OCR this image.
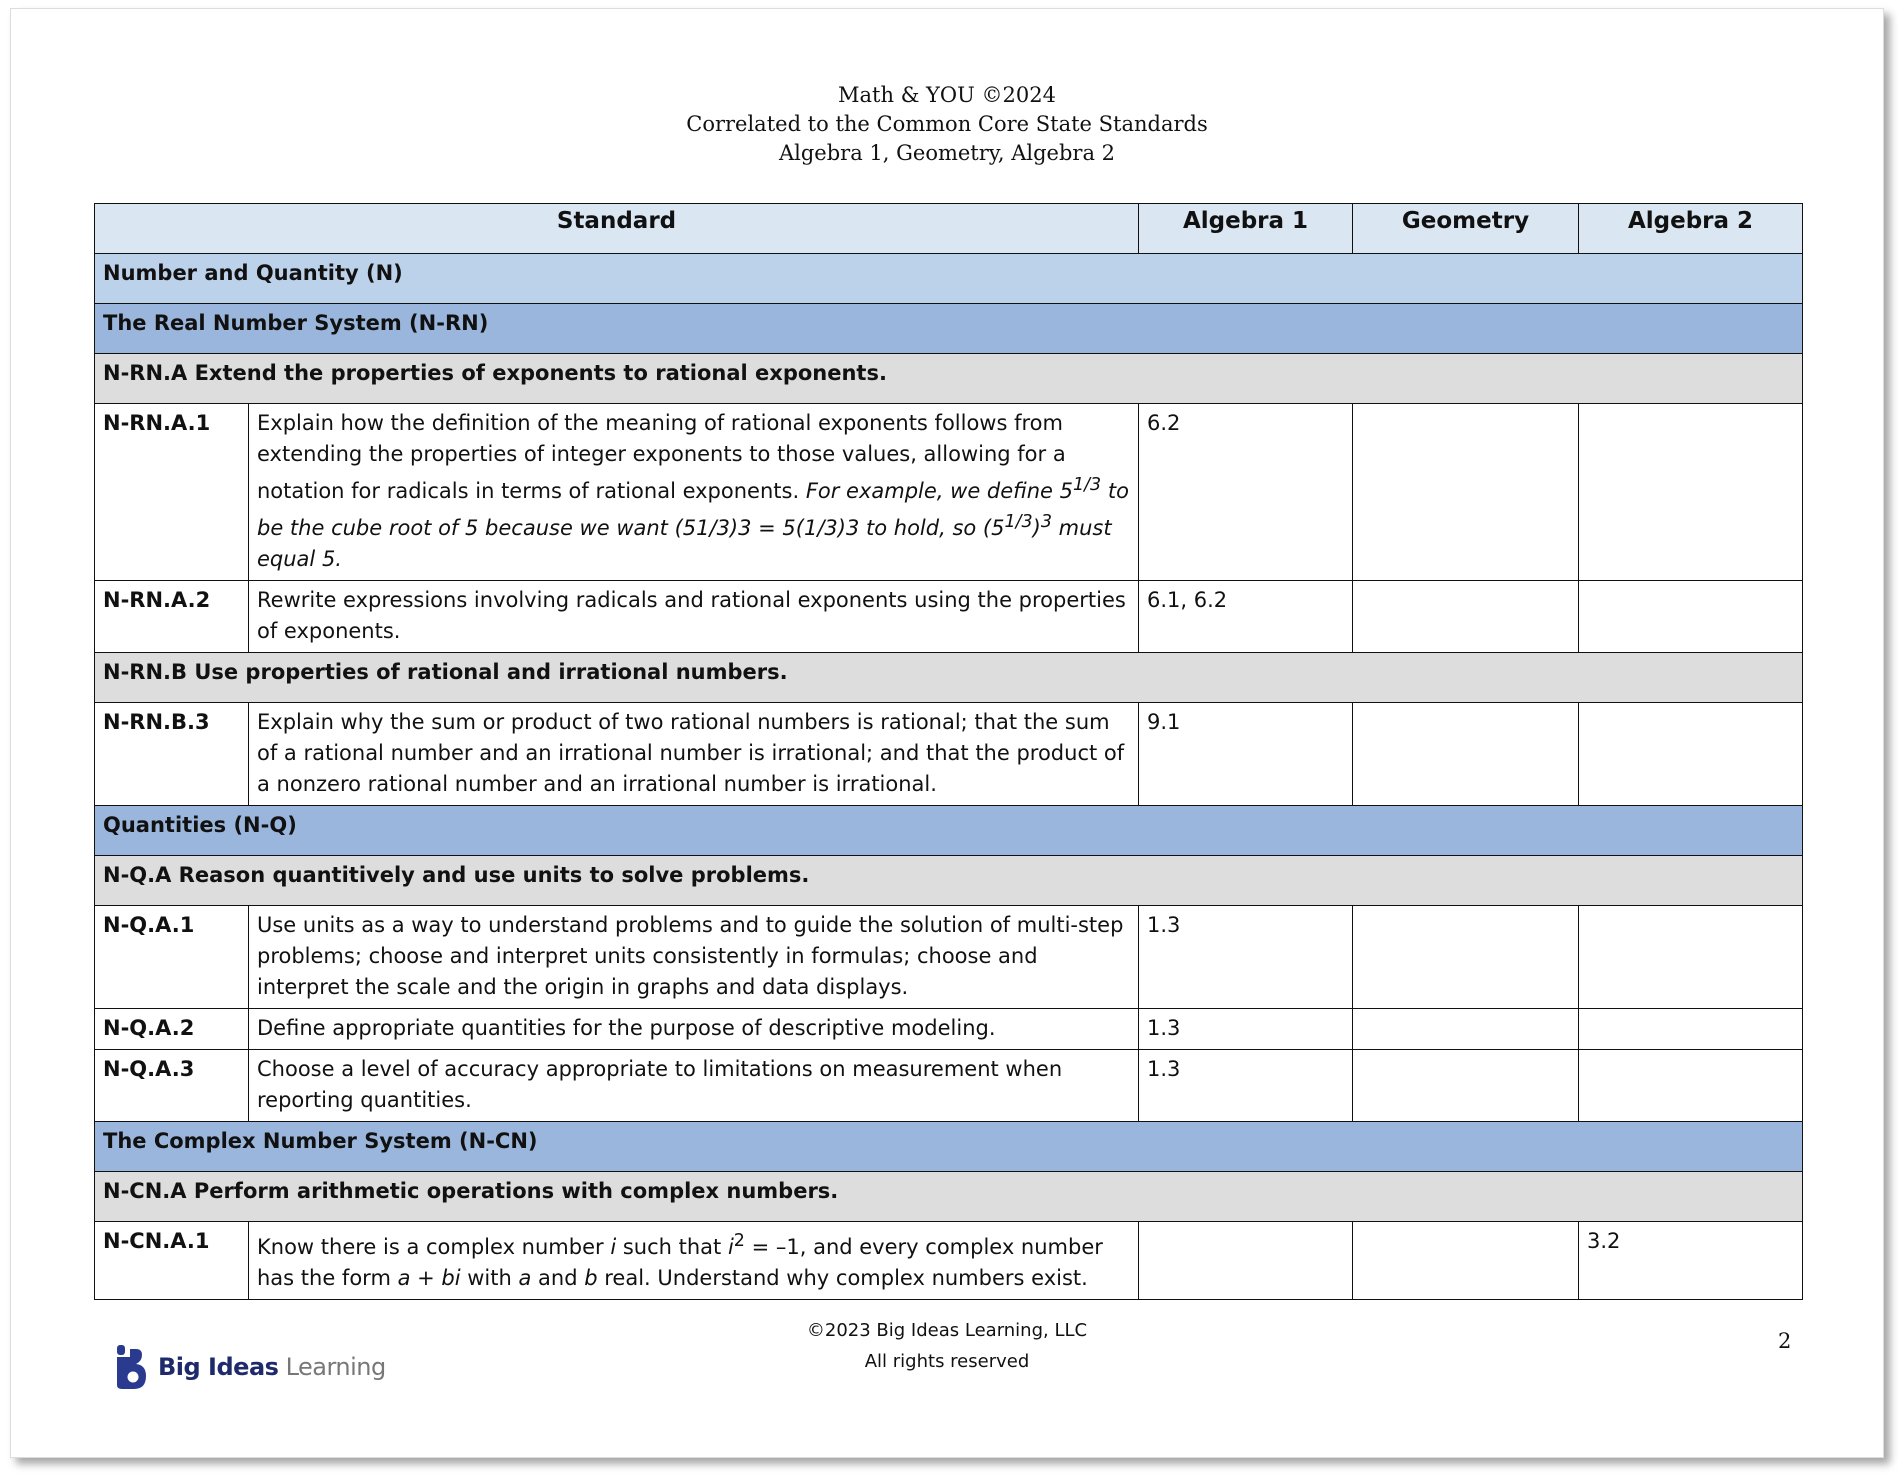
Math & YOU ©2024
Correlated to the Common Core State Standards
Algebra 1, Geometry, Algebra 2
Standard		Algebra 1	Geometry	Algebra 2
Number and Quantity (N)				
The Real Number System (N-RN)				
N-RN.A Extend the properties of exponents to rational exponents.				
N-RN.A.1	Explain how the definition of the meaning of rational exponents follows from extending the properties of integer exponents to those values, allowing for a notation for radicals in terms of rational exponents. For example, we define $5^{1/3}$ to be the cube root of 5 because we want (51/3)3 = 5(1/3)3 to hold, so $(5^{1/3})^3$ must equal 5.	6.2		
N-RN.A.2	Rewrite expressions involving radicals and rational exponents using the properties of exponents.	6.1, 6.2		
N-RN.B Use properties of rational and irrational numbers.				
N-RN.B.3	Explain why the sum or product of two rational numbers is rational; that the sum of a rational number and an irrational number is irrational; and that the product of a nonzero rational number and an irrational number is irrational.	9.1		
Quantities (N-Q)				
N-Q.A Reason quantitively and use units to solve problems.				
N-Q.A.1	Use units as a way to understand problems and to guide the solution of multi-step problems; choose and interpret units consistently in formulas; choose and interpret the scale and the origin in graphs and data displays.	1.3		
N-Q.A.2	Define appropriate quantities for the purpose of descriptive modeling.	1.3		
N-Q.A.3	Choose a level of accuracy appropriate to limitations on measurement when reporting quantities.	1.3		
The Complex Number System (N-CN)				
N-CN.A Perform arithmetic operations with complex numbers.				
N-CN.A.1	Know there is a complex number i such that $i^2 = -1$, and every complex number has the form a + bi with a and b real. Understand why complex numbers exist.			3.2
©2023 Big Ideas Learning, LLC
All rights reserved
2
Big Ideas Learning
